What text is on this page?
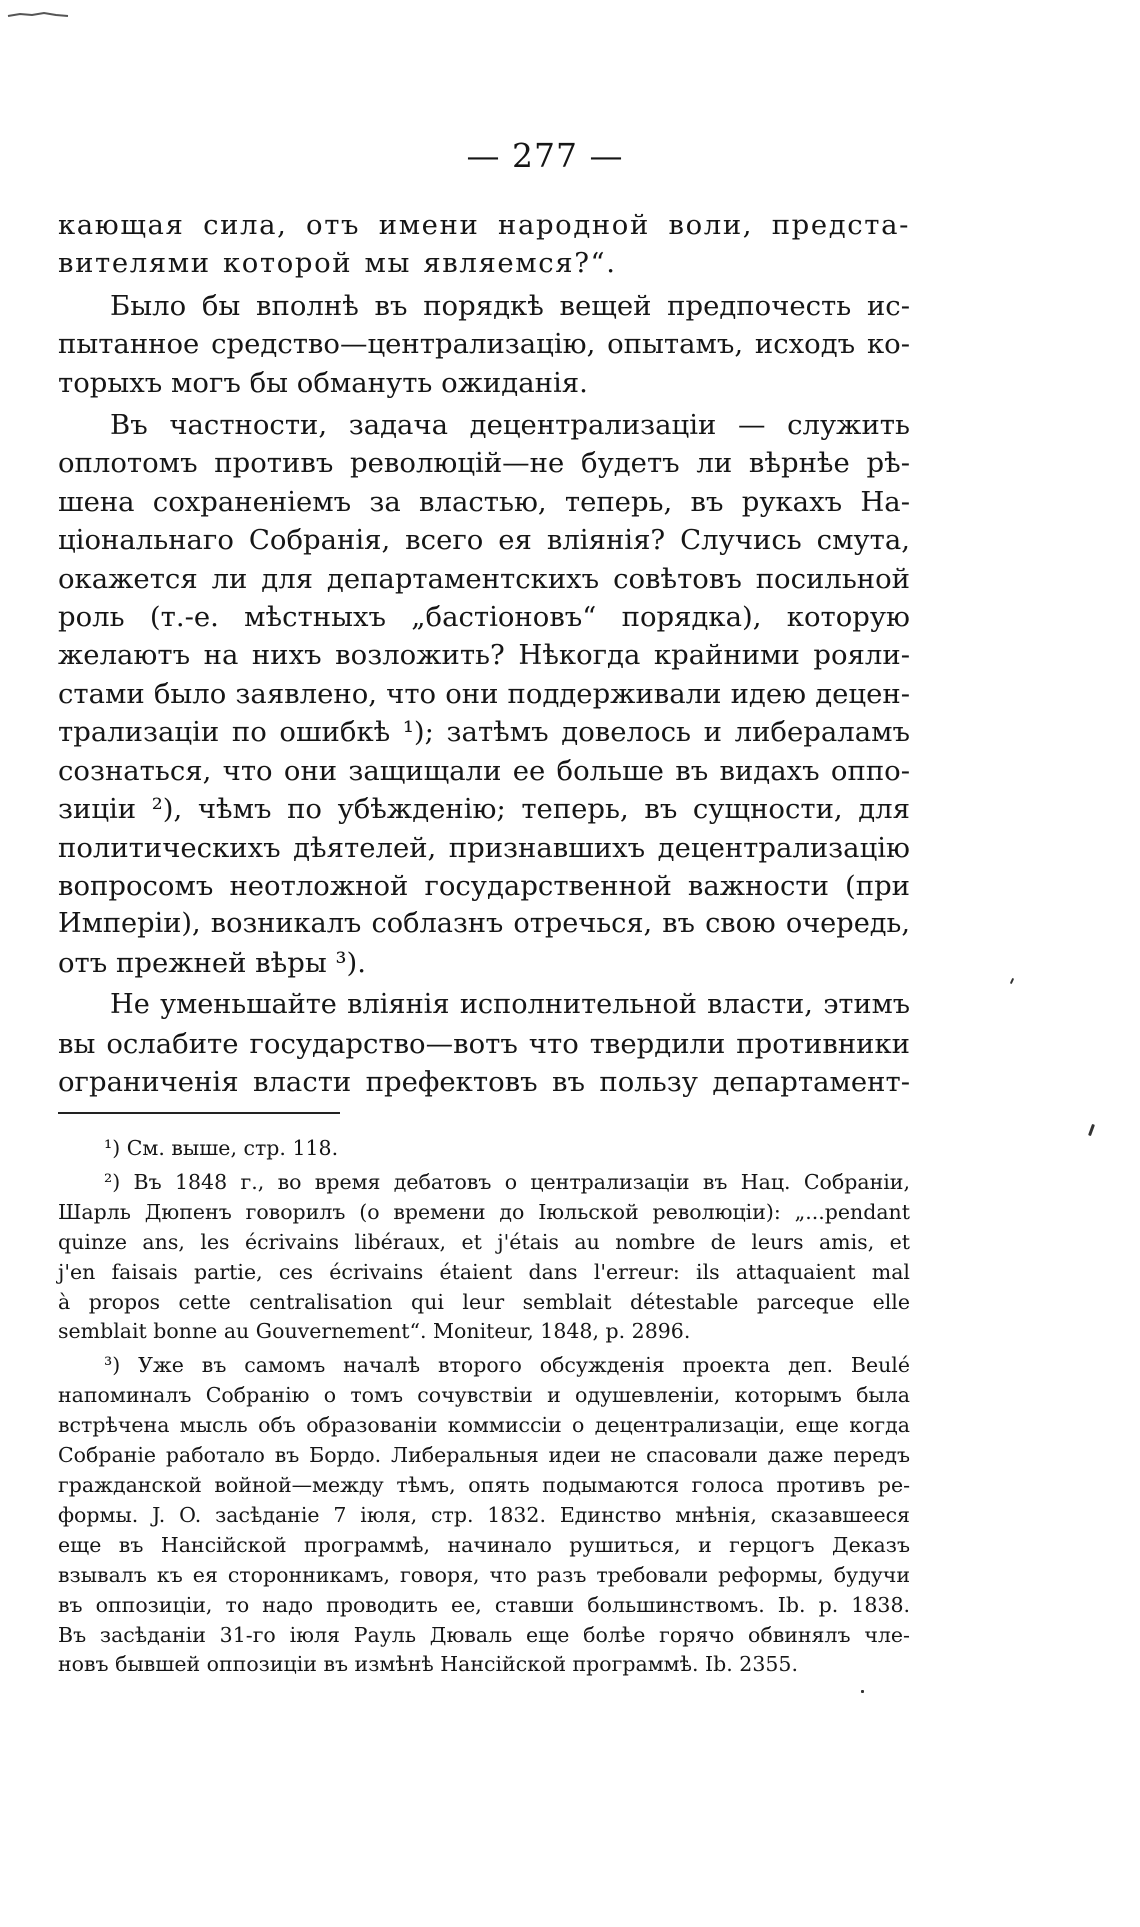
— 277 —
кающая сила, отъ имени народной воли, предста-
вителями которой мы являемся?“.
Было бы вполнѣ въ порядкѣ вещей предпочесть ис-
пытанное средство—централизацію, опытамъ, исходъ ко-
торыхъ могъ бы обмануть ожиданія.
Въ частности, задача децентрализаціи — служить
оплотомъ противъ революцій—не будетъ ли вѣрнѣе рѣ-
шена сохраненіемъ за властью, теперь, въ рукахъ На-
ціональнаго Собранія, всего ея вліянія? Случись смута,
окажется ли для департаментскихъ совѣтовъ посильной
роль (т.-е. мѣстныхъ „бастіоновъ“ порядка), которую
желаютъ на нихъ возложить? Нѣкогда крайними рояли-
стами было заявлено, что они поддерживали идею децен-
трализаціи по ошибкѣ ¹); затѣмъ довелось и либераламъ
сознаться, что они защищали ее больше въ видахъ оппо-
зиціи ²), чѣмъ по убѣжденію; теперь, въ сущности, для
политическихъ дѣятелей, признавшихъ децентрализацію
вопросомъ неотложной государственной важности (при
Имперіи), возникалъ соблазнъ отречься, въ свою очередь,
отъ прежней вѣры ³).
Не уменьшайте вліянія исполнительной власти, этимъ
вы ослабите государство—вотъ что твердили противники
ограниченія власти префектовъ въ пользу департамент-
¹) См. выше, стр. 118.
²) Въ 1848 г., во время дебатовъ о централизаціи въ Нац. Собраніи,
Шарль Дюпенъ говорилъ (о времени до Іюльской революціи): „...pendant
quinze ans, les écrivains libéraux, et j'étais au nombre de leurs amis, et
j'en faisais partie, ces écrivains étaient dans l'erreur: ils attaquaient mal
à propos cette centralisation qui leur semblait détestable parceque elle
semblait bonne au Gouvernement“. Moniteur, 1848, p. 2896.
³) Уже въ самомъ началѣ второго обсужденія проекта деп. Beulé
напоминалъ Собранію о томъ сочувствіи и одушевленіи, которымъ была
встрѣчена мысль объ образованіи коммиссіи о децентрализаціи, еще когда
Собраніе работало въ Бордо. Либеральныя идеи не спасовали даже передъ
гражданской войной—между тѣмъ, опять подымаются голоса противъ ре-
формы. J. O. засѣданіе 7 іюля, стр. 1832. Единство мнѣнія, сказавшееся
еще въ Нансійской программѣ, начинало рушиться, и герцогъ Деказъ
взывалъ къ ея сторонникамъ, говоря, что разъ требовали реформы, будучи
въ оппозиціи, то надо проводить ее, ставши большинствомъ. Ib. p. 1838.
Въ засѣданіи 31-го іюля Рауль Дюваль еще болѣе горячо обвинялъ чле-
новъ бывшей оппозиціи въ измѣнѣ Нансійской программѣ. Ib. 2355.
